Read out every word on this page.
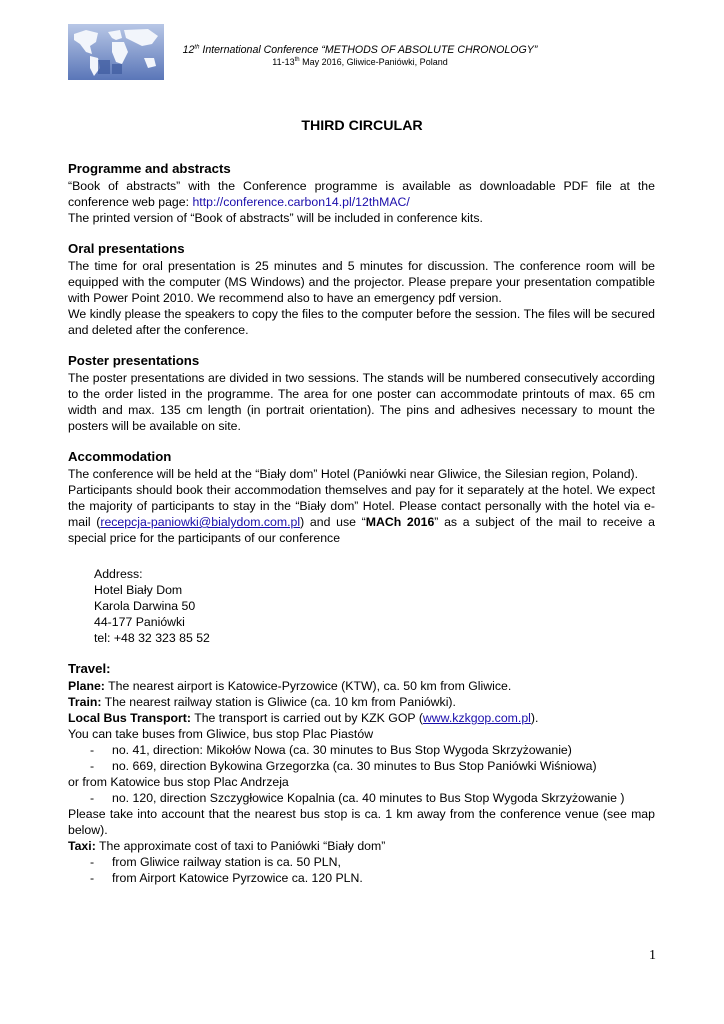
12th International Conference “METHODS OF ABSOLUTE CHRONOLOGY”
11-13th May 2016, Gliwice-Paniówki, Poland
THIRD CIRCULAR
Programme and abstracts

“Book of abstracts” with the Conference programme is available as downloadable PDF file at the conference web page: http://conference.carbon14.pl/12thMAC/

The printed version of “Book of abstracts” will be included in conference kits.

Oral presentations

The time for oral presentation is 25 minutes and 5 minutes for discussion. The conference room will be equipped with the computer (MS Windows) and the projector. Please prepare your presentation compatible with Power Point 2010. We recommend also to have an emergency pdf version.

We kindly please the speakers to copy the files to the computer before the session. The files will be secured and deleted after the conference.

Poster presentations

The poster presentations are divided in two sessions. The stands will be numbered consecutively according to the order listed in the programme. The area for one poster can accommodate printouts of max. 65 cm width and max. 135 cm length (in portrait orientation). The pins and adhesives necessary to mount the posters will be available on site.

Accommodation

The conference will be held at the “Biały dom” Hotel (Paniówki near Gliwice, the Silesian region, Poland).

Participants should book their accommodation themselves and pay for it separately at the hotel. We expect the majority of participants to stay in the “Biały dom” Hotel. Please contact personally with the hotel via e-mail (recepcja-paniowki@bialydom.com.pl) and use “MACh 2016” as a subject of the mail to receive a special price for the participants of our conference

Address:

Hotel Biały Dom

Karola Darwina 50

44-177 Paniówki

tel: +48 32 323 85 52

Travel:

Plane: The nearest airport is Katowice-Pyrzowice (KTW), ca. 50 km from Gliwice.

Train: The nearest railway station is Gliwice (ca. 10 km from Paniówki).

Local Bus Transport: The transport is carried out by KZK GOP (www.kzkgop.com.pl).

You can take buses from Gliwice, bus stop Plac Piastów

- no. 41, direction: Mikołów Nowa (ca. 30 minutes to Bus Stop Wygoda Skrzyżowanie)
- no. 669, direction Bykowina Grzegorzka (ca. 30 minutes to Bus Stop Paniówki Wiśniowa)

or from Katowice bus stop Plac Andrzeja

- no. 120, direction Szczygłowice Kopalnia (ca. 40 minutes to Bus Stop Wygoda Skrzyżowanie )

Please take into account that the nearest bus stop is ca. 1 km away from the conference venue (see map below).

Taxi: The approximate cost of taxi to Paniówki “Biały dom”

- from Gliwice railway station is ca. 50 PLN,
- from Airport Katowice Pyrzowice ca. 120 PLN.
1
